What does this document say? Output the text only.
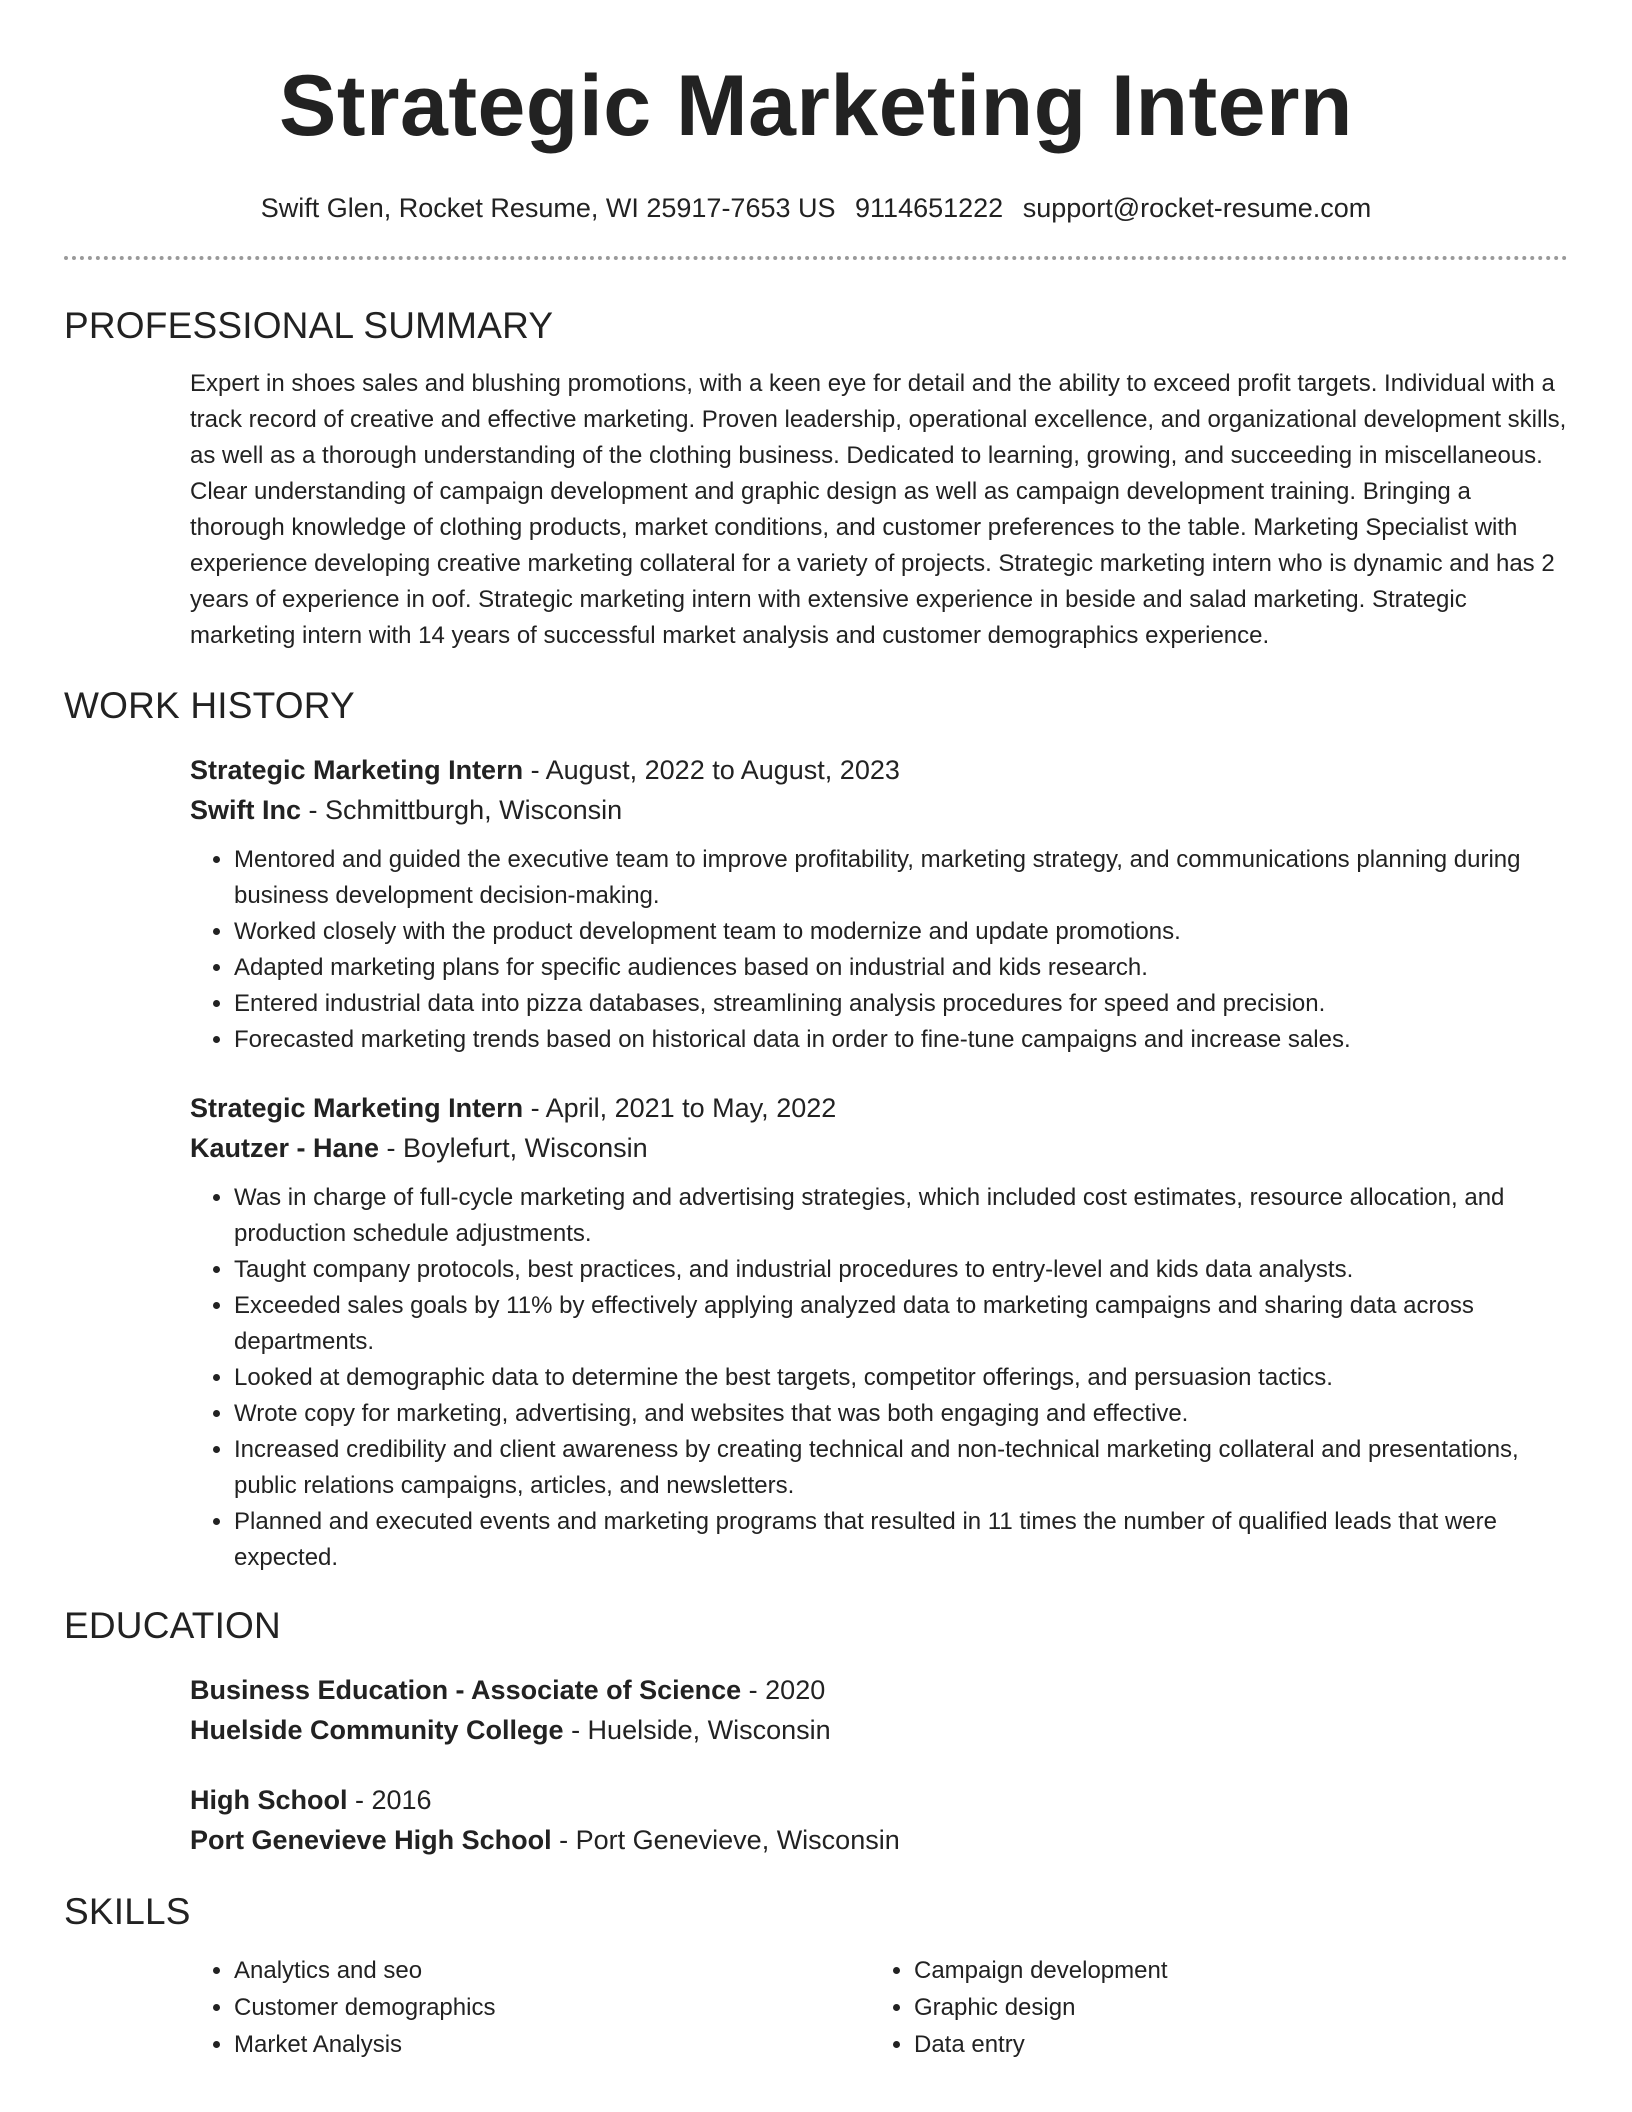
Strategic Marketing Intern
Swift Glen, Rocket Resume, WI 25917-7653 US 9114651222 support@rocket-resume.com
PROFESSIONAL SUMMARY

Expert in shoes sales and blushing promotions, with a keen eye for detail and the ability to exceed profit targets. Individual with a track record of creative and effective marketing. Proven leadership, operational excellence, and organizational development skills, as well as a thorough understanding of the clothing business. Dedicated to learning, growing, and succeeding in miscellaneous. Clear understanding of campaign development and graphic design as well as campaign development training. Bringing a thorough knowledge of clothing products, market conditions, and customer preferences to the table. Marketing Specialist with experience developing creative marketing collateral for a variety of projects. Strategic marketing intern who is dynamic and has 2 years of experience in oof. Strategic marketing intern with extensive experience in beside and salad marketing. Strategic marketing intern with 14 years of successful market analysis and customer demographics experience.

WORK HISTORY
Strategic Marketing Intern - August, 2022 to August, 2023
Swift Inc - Schmittburgh, Wisconsin
• Mentored and guided the executive team to improve profitability, marketing strategy, and communications planning during business development decision-making.
• Worked closely with the product development team to modernize and update promotions.
• Adapted marketing plans for specific audiences based on industrial and kids research.
• Entered industrial data into pizza databases, streamlining analysis procedures for speed and precision.
• Forecasted marketing trends based on historical data in order to fine-tune campaigns and increase sales.
Strategic Marketing Intern - April, 2021 to May, 2022
Kautzer - Hane - Boylefurt, Wisconsin
• Was in charge of full-cycle marketing and advertising strategies, which included cost estimates, resource allocation, and production schedule adjustments.
• Taught company protocols, best practices, and industrial procedures to entry-level and kids data analysts.
• Exceeded sales goals by 11% by effectively applying analyzed data to marketing campaigns and sharing data across departments.
• Looked at demographic data to determine the best targets, competitor offerings, and persuasion tactics.
• Wrote copy for marketing, advertising, and websites that was both engaging and effective.
• Increased credibility and client awareness by creating technical and non-technical marketing collateral and presentations, public relations campaigns, articles, and newsletters.
• Planned and executed events and marketing programs that resulted in 11 times the number of qualified leads that were expected.
EDUCATION
Business Education - Associate of Science - 2020
Huelside Community College - Huelside, Wisconsin
High School - 2016
Port Genevieve High School - Port Genevieve, Wisconsin
SKILLS
• Analytics and seo
• Customer demographics
• Market Analysis
• Campaign development
• Graphic design
• Data entry
